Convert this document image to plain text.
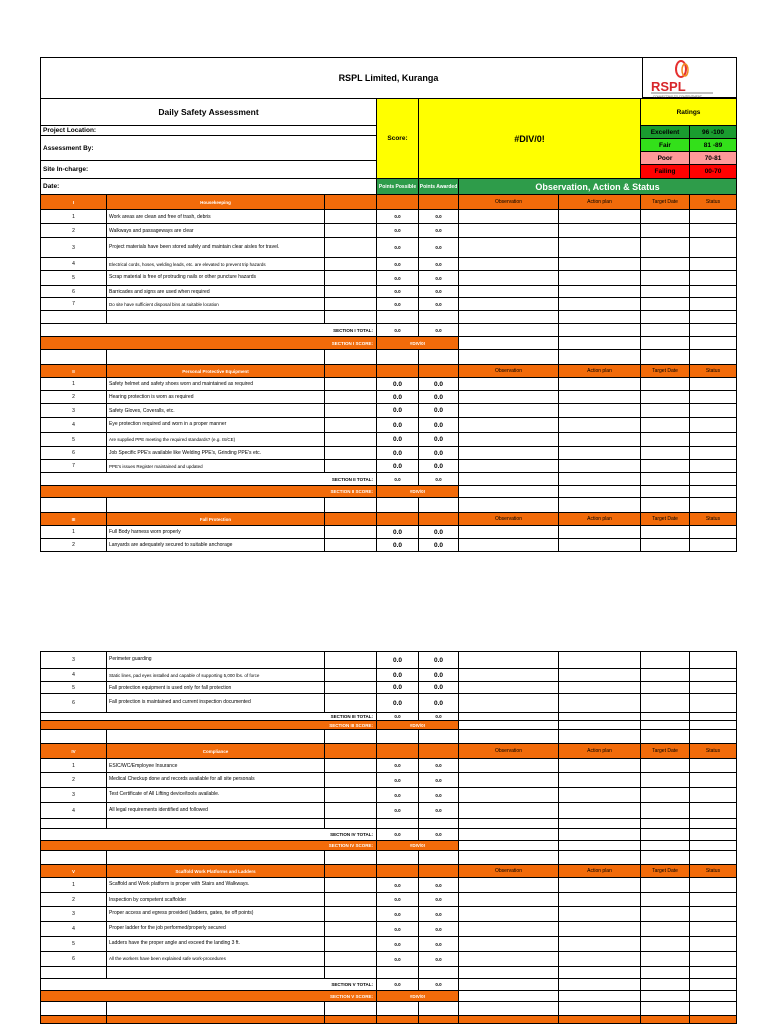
RSPL Limited, Kuranga
RSPL
CONNECTING TO CONTENTMENT
Daily Safety Assessment
Project Location:
Assessment By:
Site In-charge:
Date:
Score:	#DIV/0!
Ratings
Excellent	96 -100
Fair	81 -89
Poor	70-81
Failing	00-70
Points Possible Points Awarded	Observation, Action & Status
I	Housekeeping	Observation	Action plan	Target Date	Status
1	Work areas are clean and free of trash, debris	0.0	0.0
2	Walkways and passageways are clear	0.0	0.0
3	Project materials have been stored safely and maintain clear aisles for travel.	0.0	0.0
4	Electrical cords, hoses, welding leads, etc. are elevated to prevent trip hazards	0.0	0.0
5	Scrap material is free of protruding nails or other puncture hazards	0.0	0.0
6	Barricades and signs are used when required	0.0	0.0
7	Do site have sufficient disposal bins at suitable location	0.0	0.0
SECTION I TOTAL:	0.0	0.0
SECTION I SCORE:	#DIV/0!
II	Personal Protective Equipment	Observation	Action plan	Target Date	Status
1	Safety helmet and safety shoes worn and maintained as required	0.0	0.0
2	Hearing protection is worn as required	0.0	0.0
3	Safety Gloves, Coveralls, etc.	0.0	0.0
4	Eye protection required and worn in a proper manner	0.0	0.0
5	Are supplied PPE meeting the required standards? (e.g. IS/CE)	0.0	0.0
6	Job Specific PPE's available like Welding PPE's, Grinding PPE's etc.	0.0	0.0
7	PPE's issues Register maintained and updated	0.0	0.0
SECTION II TOTAL:	0.0	0.0
SECTION II SCORE:	#DIV/0!
III	Fall Protection	Observation	Action plan	Target Date	Status
1	Full Body harness worn properly	0.0	0.0
2	Lanyards are adequately secured to suitable anchorage	0.0	0.0
3	Perimeter guarding	0.0	0.0
4	Static lines, pad eyes installed and capable of supporting 5,000 lbs. of force	0.0	0.0
5	Fall protection equipment is used only for fall protection	0.0	0.0
6	Fall protection is maintained and current inspection documented	0.0	0.0
SECTION III TOTAL:	0.0	0.0
SECTION III SCORE:	#DIV/0!
IV	Compliance	Observation	Action plan	Target Date	Status
1	ESIC/WC/Employee Insurance	0.0	0.0
2	Medical Checkup done and records available for all site personals	0.0	0.0
3	Test Certificate of All Lifting device/tools available.	0.0	0.0
4	All legal requirements identified and followed	0.0	0.0
SECTION IV TOTAL:	0.0	0.0
SECTION IV SCORE:	#DIV/0!
V	Scaffold Work Platforms and Ladders	Observation	Action plan	Target Date	Status
1	Scaffold and Work platform is proper with Stairs and Walkways.	0.0	0.0
2	Inspection by competent scaffolder	0.0	0.0
3	Proper access and egress provided (ladders, gates, tie off points)	0.0	0.0
4	Proper ladder for the job performed/properly secured	0.0	0.0
5	Ladders have the proper angle and exceed the landing 3 ft.	0.0	0.0
6	All the workers have been explained safe work-procedures	0.0	0.0
SECTION V TOTAL:	0.0	0.0
SECTION V SCORE:	#DIV/0!
